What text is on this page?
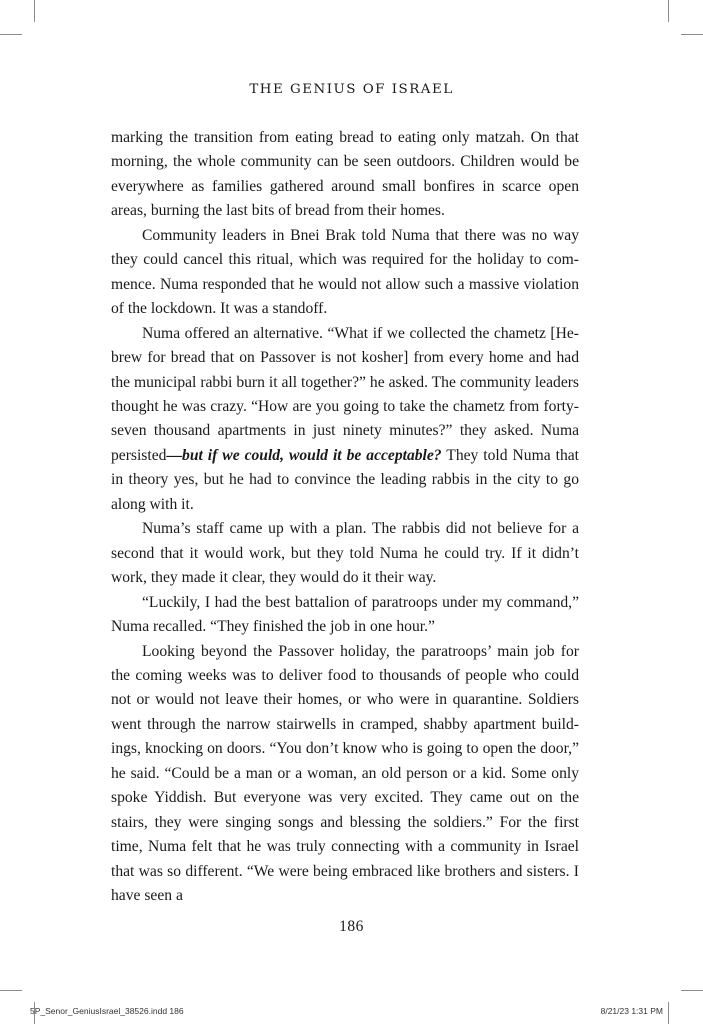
THE GENIUS OF ISRAEL

marking the transition from eating bread to eating only matzah. On that morning, the whole community can be seen outdoors. Children would be everywhere as families gathered around small bonfires in scarce open areas, burning the last bits of bread from their homes.

Community leaders in Bnei Brak told Numa that there was no way they could cancel this ritual, which was required for the holiday to commence. Numa responded that he would not allow such a massive violation of the lockdown. It was a standoff.

Numa offered an alternative. “What if we collected the chametz [Hebrew for bread that on Passover is not kosher] from every home and had the municipal rabbi burn it all together?” he asked. The community leaders thought he was crazy. “How are you going to take the chametz from forty-seven thousand apartments in just ninety minutes?” they asked. Numa persisted—but if we could, would it be acceptable? They told Numa that in theory yes, but he had to convince the leading rabbis in the city to go along with it.

Numa’s staff came up with a plan. The rabbis did not believe for a second that it would work, but they told Numa he could try. If it didn’t work, they made it clear, they would do it their way.

“Luckily, I had the best battalion of paratroops under my command,” Numa recalled. “They finished the job in one hour.”

Looking beyond the Passover holiday, the paratroops’ main job for the coming weeks was to deliver food to thousands of people who could not or would not leave their homes, or who were in quarantine. Soldiers went through the narrow stairwells in cramped, shabby apartment buildings, knocking on doors. “You don’t know who is going to open the door,” he said. “Could be a man or a woman, an old person or a kid. Some only spoke Yiddish. But everyone was very excited. They came out on the stairs, they were singing songs and blessing the soldiers.” For the first time, Numa felt that he was truly connecting with a community in Israel that was so different. “We were being embraced like brothers and sisters. I have seen a

186
5P_Senor_GeniusIsrael_38526.indd 186	8/21/23 1:31 PM
